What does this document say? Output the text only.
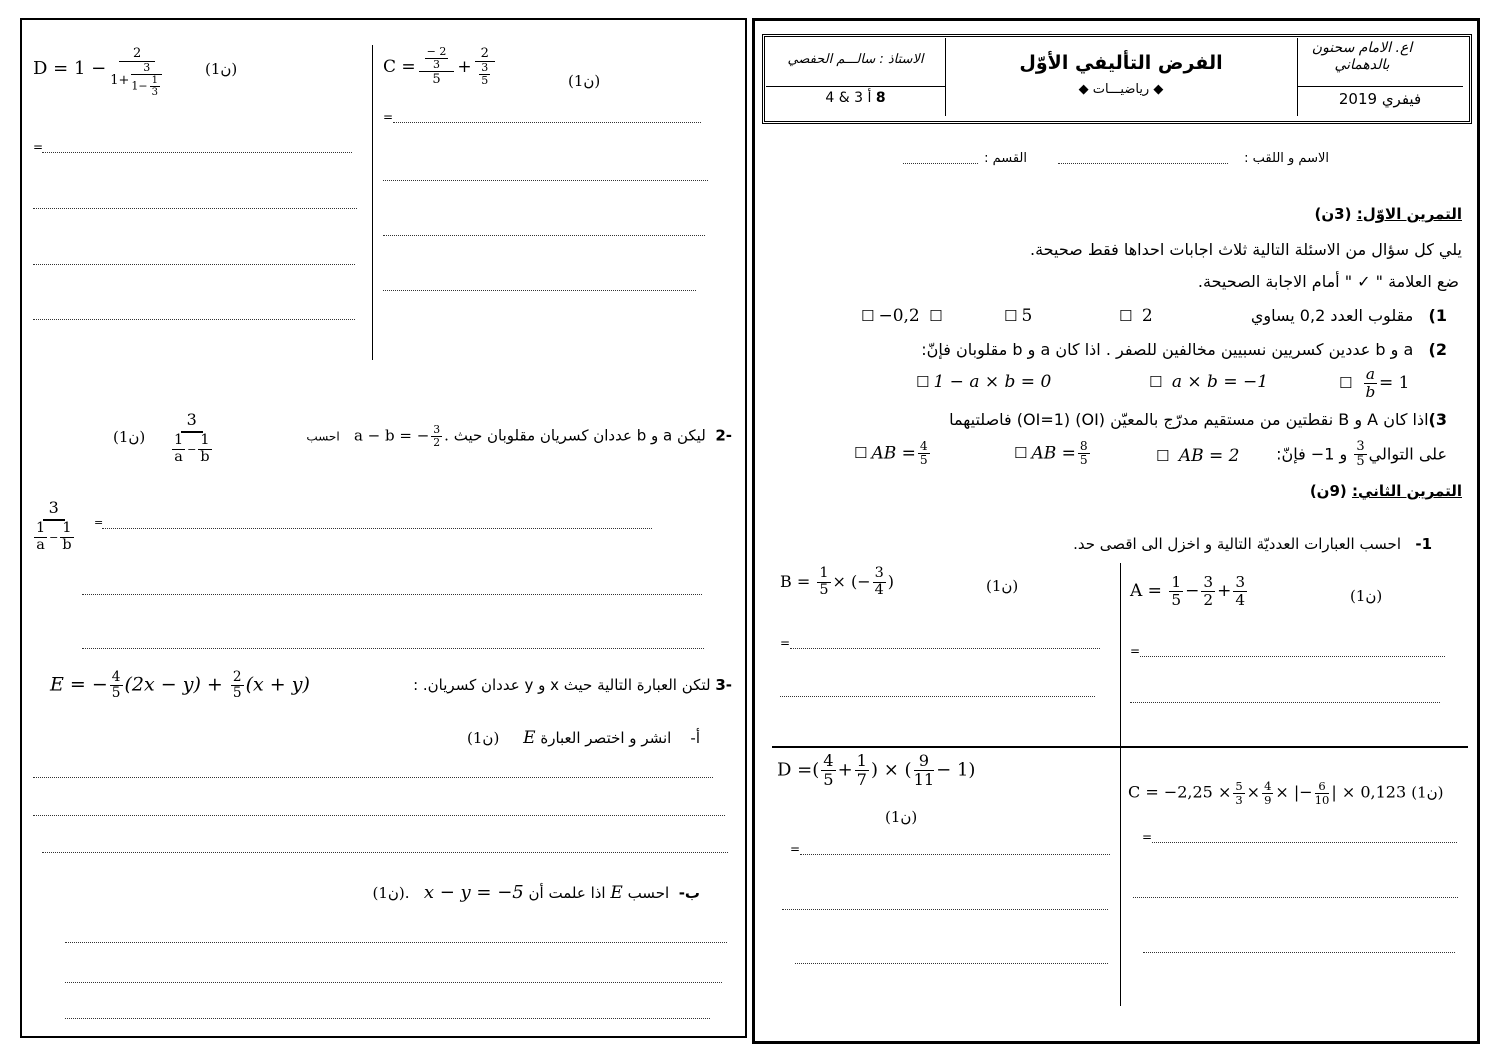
اع. الامام سحنون
بالدهماني
فيفري 2019
الفرض التأليفي الأوّل
◆ رياضيـــات ◆
الاستاذ : سالـــم الحفصي
8 أ 3 & 4
الاسم و اللقب :
القسم :
التمرين الاوّل: (3ن)
يلي كل سؤال من الاسئلة التالية ثلاث اجابات احداها فقط صحيحة.
ضع العلامة " ✓ " أمام الاجابة الصحيحة.
1)   مقلوب العدد 0,2 يساوي
☐ 2
☐ 5
☐ −0,2 ☐
2)   a و b عددين كسريين نسبيين مخالفين للصفر . اذا كان a و b مقلوبان فإنّ:
☐ 1 − a × b = 0	☐ a × b = −1	☐ $\frac{a}{b} = 1$
3)اذا كان A و B نقطتين من مستقيم مدرّج بالمعيّن (OI) (OI=1) فاصلتيهما
على التوالي
$\frac{3}{5}$
و 1− فإنّ:
☐ AB = 2
☐ AB = $\frac{8}{5}$
☐ AB = $\frac{4}{5}$
التمرين الثاني: (9ن)
1-   احسب العبارات العدديّة التالية و اخزل الى اقصى حد.
$B = \frac{1}{5}$ × (− $\frac{3}{4}$ )	(1ن)
=
$A = \frac{1}{5} - \frac{3}{2} + \frac{3}{4}$	(1ن)
=
D =( $\frac{4}{5} + \frac{1}{7}$ ) × ( $\frac{9}{11} - 1$)
(1ن)
=
$C = -2,25 \times \frac{5}{3} \times \frac{4}{9}$ × |− $\frac{6}{10}$ | × 0,123 (1ن)
=
$D = 1 - \frac{2}{1+ \frac{3}{1- \frac{1}{3}}}$	(1ن)
=
$C = \frac{\frac{- 2}{3}}{5}$ +
2
$\frac{3}{5}$	(1ن)
=
-2  ليكن a و b عددان كسريان مقلوبان حيث a − b = − $\frac{3}{2}$ .   احسب
3
$\frac{1}{a} - \frac{1}{b}$
(1ن)
3
$\frac{1}{a} - \frac{1}{b}$ =
-3 لتكن العبارة التالية حيث x و y عددان كسريان. :
E = − $\frac{4}{5} (2x - y) + \frac{2}{5} (x + y)$
أ-    انشر و اختصر العبارة E     (1ن)
ب-  احسب E اذا علمت أن x − y = −5   (1ن).
